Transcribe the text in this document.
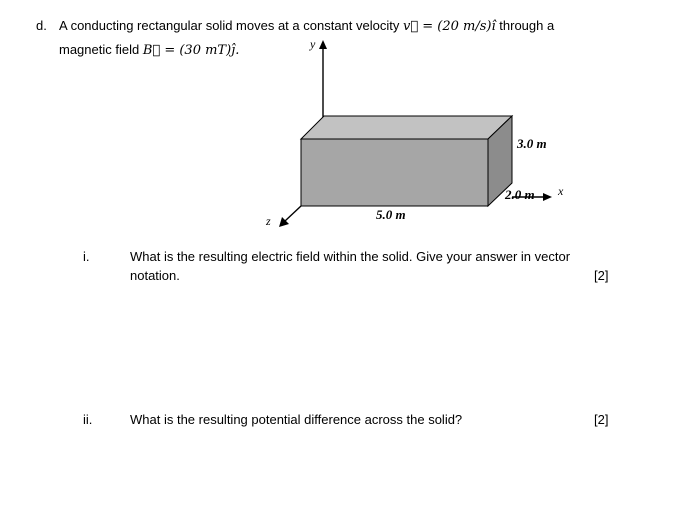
d. A conducting rectangular solid moves at a constant velocity v⃗ = (20 m/s)î through a
magnetic field B⃗ = (30 mT)ĵ.	y
x
z
3.0 m
2.0 m
5.0 m
i.	What is the resulting electric field within the solid. Give your answer in vector
notation.	[2]
ii.	What is the resulting potential difference across the solid?	[2]
